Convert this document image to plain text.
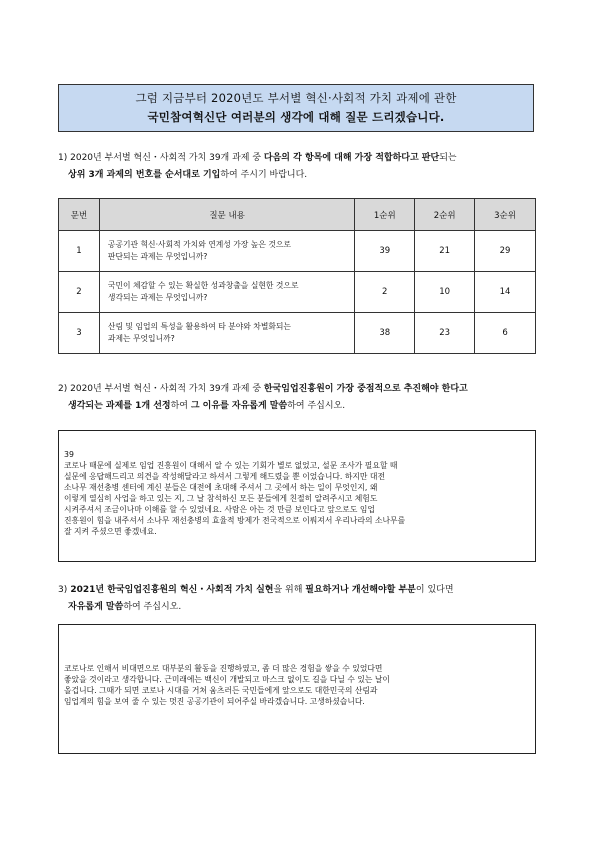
그럼 지금부터 2020년도 부서별 혁신·사회적 가치 과제에 관한
국민참여혁신단 여러분의 생각에 대해 질문 드리겠습니다.
1) 2020년 부서별 혁신・사회적 가치 39개 과제 중 다음의 각 항목에 대해 가장 적합하다고 판단되는
상위 3개 과제의 번호를 순서대로 기입하여 주시기 바랍니다.
문번	질문 내용	1순위	2순위	3순위
1	공공기관 혁신·사회적 가치와 연계성 가장 높은 것으로
판단되는 과제는 무엇입니까?	39	21	29
2	국민이 체감할 수 있는 확실한 성과창출을 실현한 것으로
생각되는 과제는 무엇입니까?	2	10	14
3	산림 및 임업의 특성을 활용하여 타 분야와 차별화되는
과제는 무엇입니까?	38	23	6
2) 2020년 부서별 혁신・사회적 가치 39개 과제 중 한국임업진흥원이 가장 중점적으로 추진해야 한다고
생각되는 과제를 1개 선정하여 그 이유를 자유롭게 말씀하여 주십시오.
39
코로나 때문에 실제로 임업 진흥원이 대해서 알 수 있는 기회가 별로 없었고, 설문 조사가 필요할 때
실문에 응답해드리고 의견을 작성해달라고 하셔서 그렇게 해드렸을 뿐 이었습니다. 하지만 대전
소나무 재선충병 센터에 계신 분들은 대전에 초대해 주셔서 그 곳에서 하는 일이 무엇인지, 왜
이렇게 열심히 사업을 하고 있는 지, 그 날 참석하신 모든 분들에게 친절히 알려주시고 체험도
시켜주셔서 조금이나마 이해를 할 수 있었네요. 사람은 아는 것 만큼 보인다고 앞으로도 임업
진흥원이 힘을 내주셔서 소나무 재선충병의 효율적 방제가 전국적으로 이뤄져서 우리나라의 소나무를
잘 지켜 주셨으면 좋겠네요.
3) 2021년 한국임업진흥원의 혁신・사회적 가치 실현을 위해 필요하거나 개선해야할 부분이 있다면
자유롭게 말씀하여 주십시오.
코로나로 인해서 비대면으로 대부분의 활동을 진행하였고, 좀 더 많은 경험을 쌓을 수 있었다면
좋았을 것이라고 생각합니다. 근미래에는 백신이 개발되고 마스크 없이도 길을 다닐 수 있는 날이
올겁니다. 그때가 되면 코로나 시대를 거쳐 움츠러든 국민들에게 앞으로도 대한민국의 산림과
임업계의 힘을 보여 줄 수 있는 멋진 공공기관이 되어주실 바라겠습니다. 고생하셨습니다.
